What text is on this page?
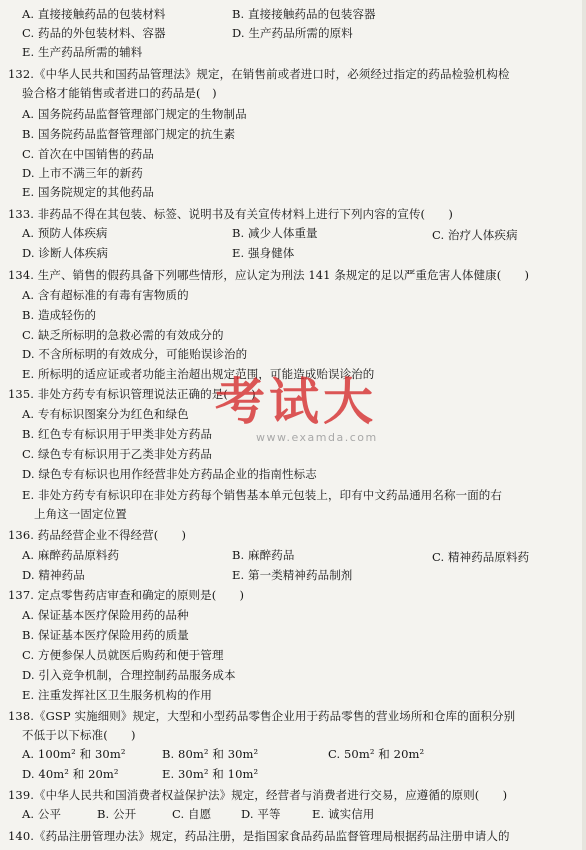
A. 直接接触药品的包装材料	B. 直接接触药品的包装容器
C. 药品的外包装材料、容器	D. 生产药品所需的原料
E. 生产药品所需的辅料
132.《中华人民共和国药品管理法》规定，在销售前或者进口时，必须经过指定的药品检验机构检
验合格才能销售或者进口的药品是(　)
A. 国务院药品监督管理部门规定的生物制品
B. 国务院药品监督管理部门规定的抗生素
C. 首次在中国销售的药品
D. 上市不满三年的新药
E. 国务院规定的其他药品
133. 非药品不得在其包装、标签、说明书及有关宣传材料上进行下列内容的宣传(　　)
A. 预防人体疾病	B. 减少人体重量	C. 治疗人体疾病
D. 诊断人体疾病	E. 强身健体
134. 生产、销售的假药具备下列哪些情形，应认定为刑法 141 条规定的足以严重危害人体健康(　　)
A. 含有超标准的有毒有害物质的
B. 造成轻伤的
C. 缺乏所标明的急救必需的有效成分的
D. 不含所标明的有效成分，可能贻误诊治的
E. 所标明的适应证或者功能主治超出规定范围，可能造成贻误诊治的
135. 非处方药专有标识管理说法正确的是(　　)
A. 专有标识图案分为红色和绿色
B. 红色专有标识用于甲类非处方药品
C. 绿色专有标识用于乙类非处方药品
D. 绿色专有标识也用作经营非处方药品企业的指南性标志
E. 非处方药专有标识印在非处方药每个销售基本单元包装上，印有中文药品通用名称一面的右
上角这一固定位置
136. 药品经营企业不得经营(　　)
A. 麻醉药品原料药	B. 麻醉药品	C. 精神药品原料药
D. 精神药品	E. 第一类精神药品制剂
137. 定点零售药店审查和确定的原则是(　　)
A. 保证基本医疗保险用药的品种
B. 保证基本医疗保险用药的质量
C. 方便参保人员就医后购药和便于管理
D. 引入竞争机制，合理控制药品服务成本
E. 注重发挥社区卫生服务机构的作用
138.《GSP 实施细则》规定，大型和小型药品零售企业用于药品零售的营业场所和仓库的面积分别
不低于以下标准(　　)
A. 100m² 和 30m²	B. 80m² 和 30m²	C. 50m² 和 20m²
D. 40m² 和 20m²	E. 30m² 和 10m²
139.《中华人民共和国消费者权益保护法》规定，经营者与消费者进行交易，应遵循的原则(　　)
A. 公平	B. 公开	C. 自愿	D. 平等	E. 诚实信用
140.《药品注册管理办法》规定，药品注册，是指国家食品药品监督管理局根据药品注册申请人的
考试大
www.examda.com
